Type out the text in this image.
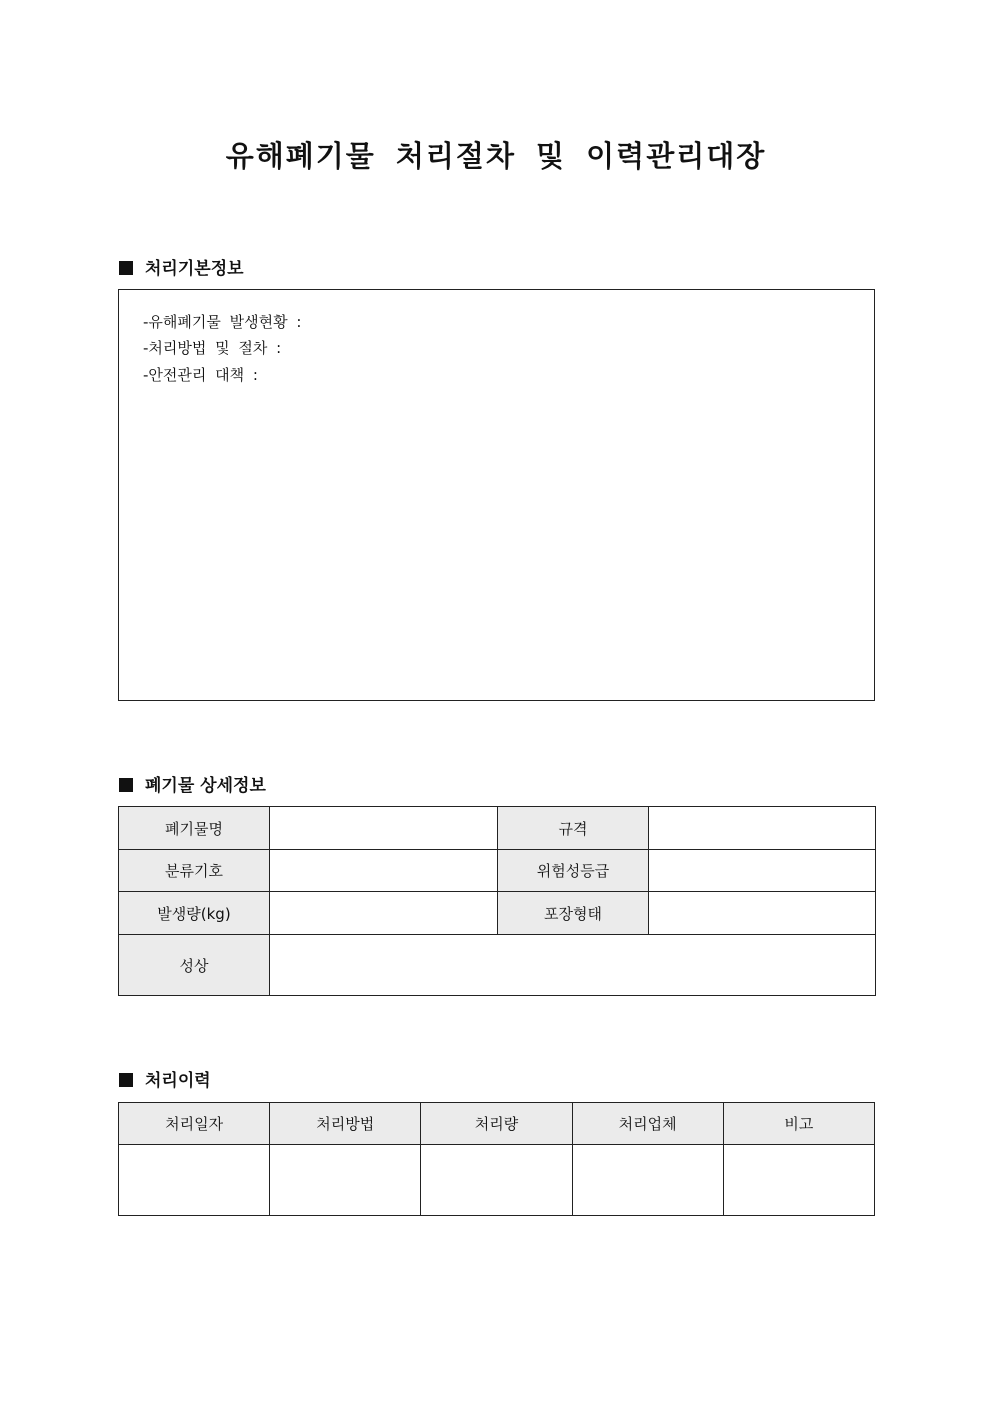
유해폐기물 처리절차 및 이력관리대장
처리기본정보
-유해폐기물 발생현황 :
-처리방법 및 절차 :
-안전관리 대책 :
폐기물 상세정보
폐기물명		규격	
분류기호		위험성등급	
발생량(kg)		포장형태	
성상			
처리이력
처리일자	처리방법	처리량	처리업체	비고
